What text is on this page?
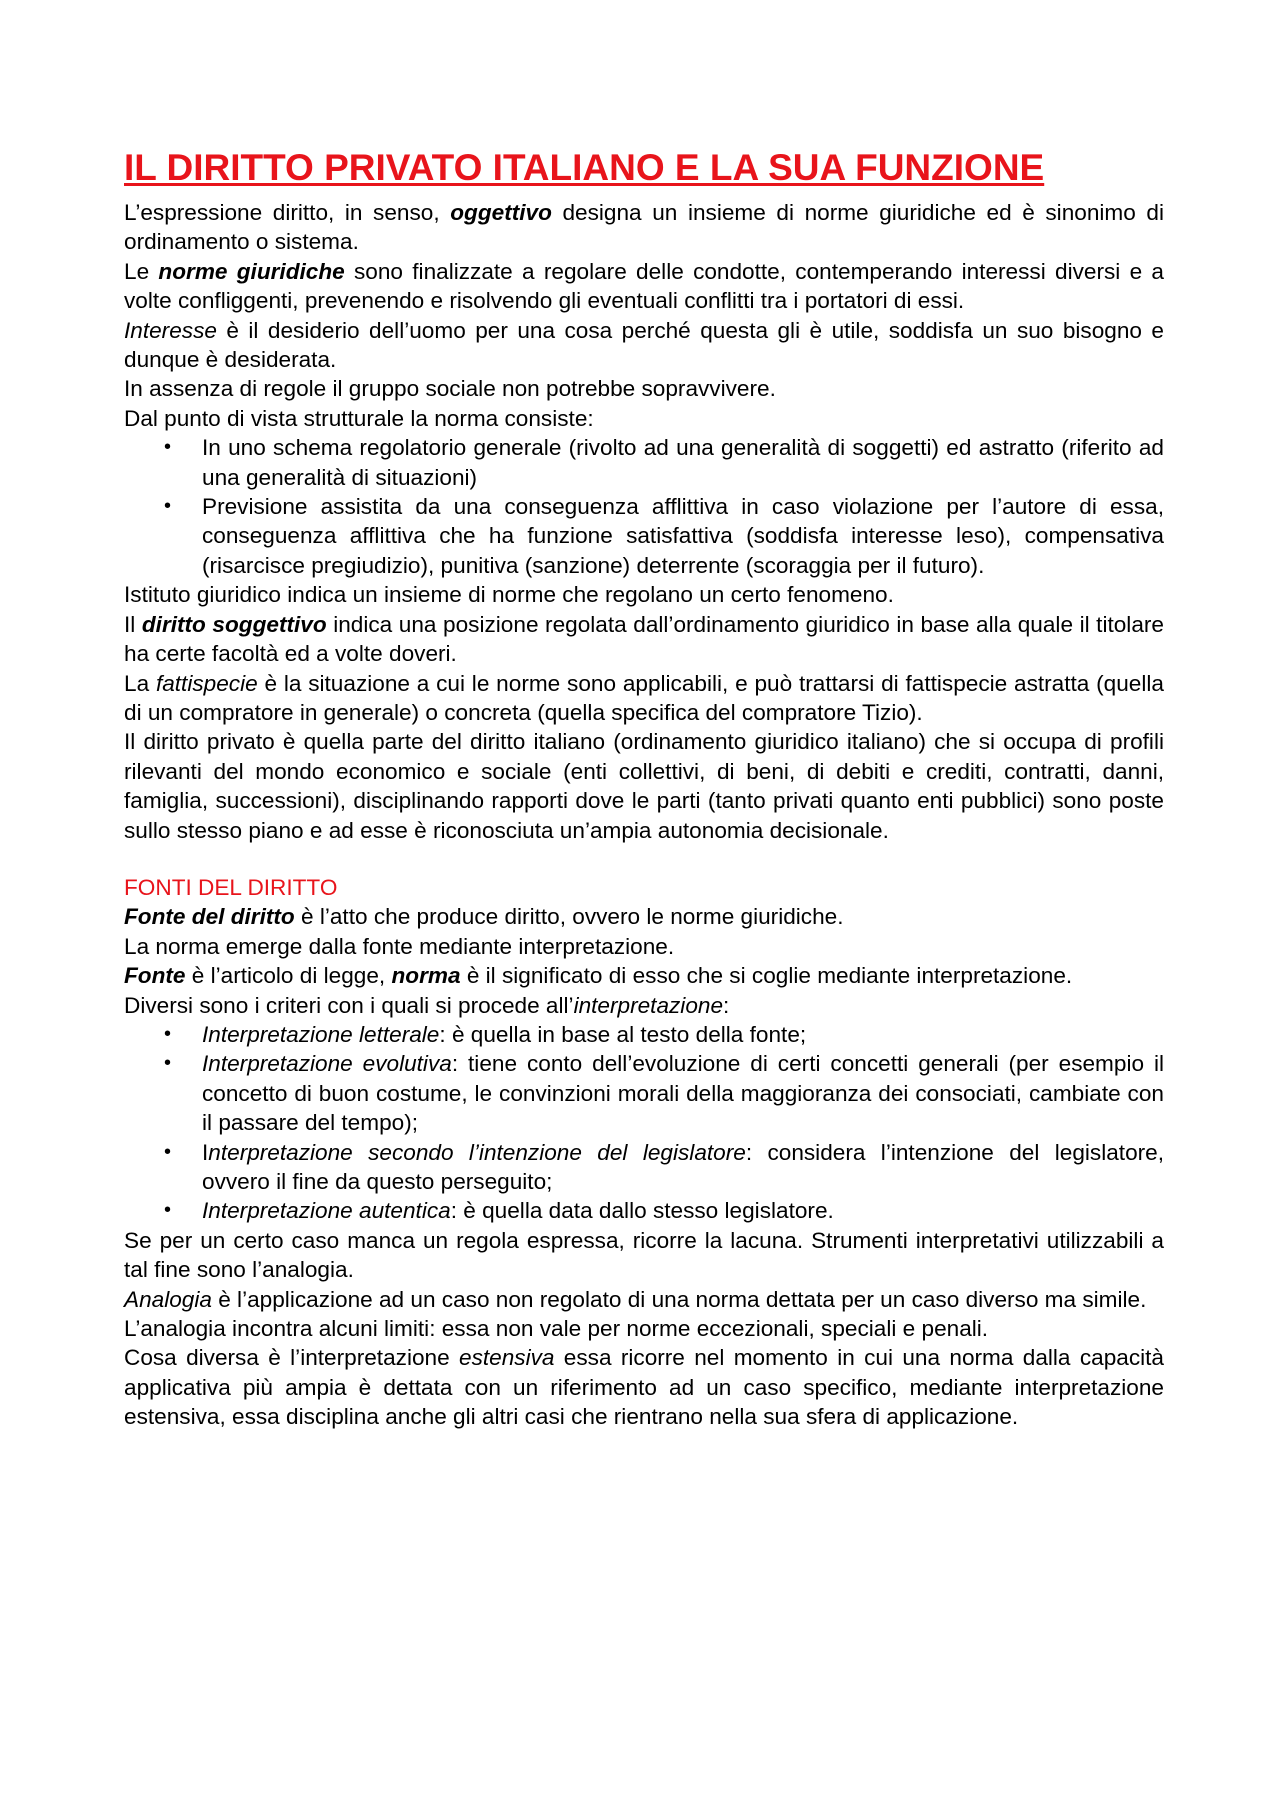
IL DIRITTO PRIVATO ITALIANO E LA SUA FUNZIONE

L’espressione diritto, in senso, oggettivo designa un insieme di norme giuridiche ed è sinonimo di ordinamento o sistema.

Le norme giuridiche sono finalizzate a regolare delle condotte, contemperando interessi diversi e a volte confliggenti, prevenendo e risolvendo gli eventuali conflitti tra i portatori di essi.

Interesse è il desiderio dell’uomo per una cosa perché questa gli è utile, soddisfa un suo bisogno e dunque è desiderata.

In assenza di regole il gruppo sociale non potrebbe sopravvivere.

Dal punto di vista strutturale la norma consiste:

• In uno schema regolatorio generale (rivolto ad una generalità di soggetti) ed astratto (riferito ad una generalità di situazioni)
• Previsione assistita da una conseguenza afflittiva in caso violazione per l’autore di essa, conseguenza afflittiva che ha funzione satisfattiva (soddisfa interesse leso), compensativa (risarcisce pregiudizio), punitiva (sanzione) deterrente (scoraggia per il futuro).

Istituto giuridico indica un insieme di norme che regolano un certo fenomeno.

Il diritto soggettivo indica una posizione regolata dall’ordinamento giuridico in base alla quale il titolare ha certe facoltà ed a volte doveri.

La fattispecie è la situazione a cui le norme sono applicabili, e può trattarsi di fattispecie astratta (quella di un compratore in generale) o concreta (quella specifica del compratore Tizio).

Il diritto privato è quella parte del diritto italiano (ordinamento giuridico italiano) che si occupa di profili rilevanti del mondo economico e sociale (enti collettivi, di beni, di debiti e crediti, contratti, danni, famiglia, successioni), disciplinando rapporti dove le parti (tanto privati quanto enti pubblici) sono poste sullo stesso piano e ad esse è riconosciuta un’ampia autonomia decisionale.

FONTI DEL DIRITTO

Fonte del diritto è l’atto che produce diritto, ovvero le norme giuridiche.

La norma emerge dalla fonte mediante interpretazione.

Fonte è l’articolo di legge, norma è il significato di esso che si coglie mediante interpretazione.

Diversi sono i criteri con i quali si procede all’interpretazione:

• Interpretazione letterale: è quella in base al testo della fonte;
• Interpretazione evolutiva: tiene conto dell’evoluzione di certi concetti generali (per esempio il concetto di buon costume, le convinzioni morali della maggioranza dei consociati, cambiate con il passare del tempo);
• Interpretazione secondo l’intenzione del legislatore: considera l’intenzione del legislatore, ovvero il fine da questo perseguito;
• Interpretazione autentica: è quella data dallo stesso legislatore.

Se per un certo caso manca un regola espressa, ricorre la lacuna. Strumenti interpretativi utilizzabili a tal fine sono l’analogia.

Analogia è l’applicazione ad un caso non regolato di una norma dettata per un caso diverso ma simile.

L’analogia incontra alcuni limiti: essa non vale per norme eccezionali, speciali e penali.

Cosa diversa è l’interpretazione estensiva essa ricorre nel momento in cui una norma dalla capacità applicativa più ampia è dettata con un riferimento ad un caso specifico, mediante interpretazione estensiva, essa disciplina anche gli altri casi che rientrano nella sua sfera di applicazione.
